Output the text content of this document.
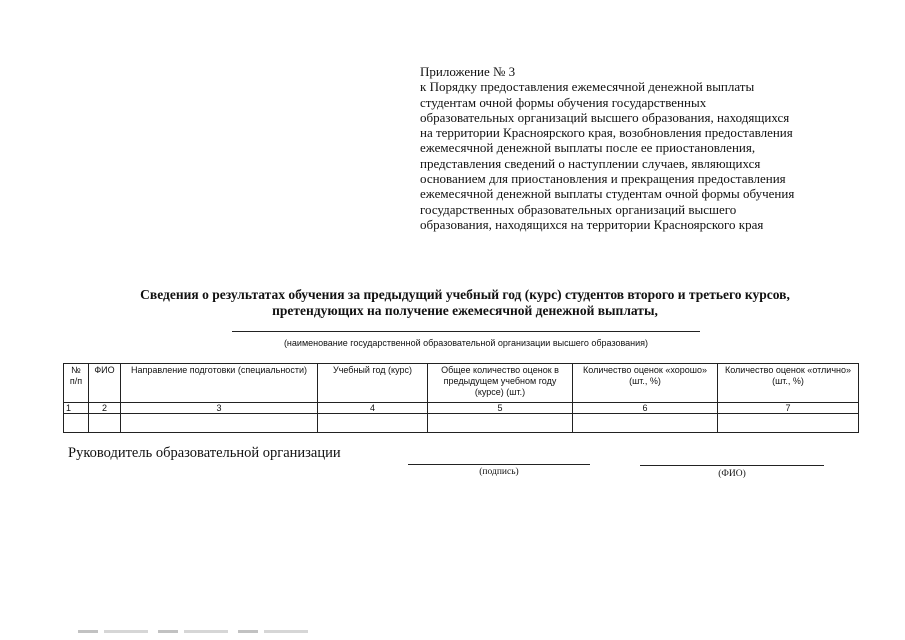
Приложение № 3
к Порядку предоставления ежемесячной денежной выплаты
студентам очной формы обучения государственных
образовательных организаций высшего образования, находящихся
на территории Красноярского края, возобновления предоставления
ежемесячной денежной выплаты после ее приостановления,
представления сведений о наступлении случаев, являющихся
основанием для приостановления и прекращения предоставления
ежемесячной денежной выплаты студентам очной формы обучения
государственных образовательных организаций высшего
образования, находящихся на территории Красноярского края
Сведения о результатах обучения за предыдущий учебный год (курс) студентов второго и третьего курсов,
претендующих на получение ежемесячной денежной выплаты,
(наименование государственной образовательной организации высшего образования)
№ п/п	ФИО	Направление подготовки (специальности)	Учебный год (курс)	Общее количество оценок в предыдущем учебном году (курсе) (шт.)	Количество оценок «хорошо» (шт., %)	Количество оценок «отлично» (шт., %)
1	2	3	4	5	6	7

Руководитель образовательной организации
(подпись)	(ФИО)
